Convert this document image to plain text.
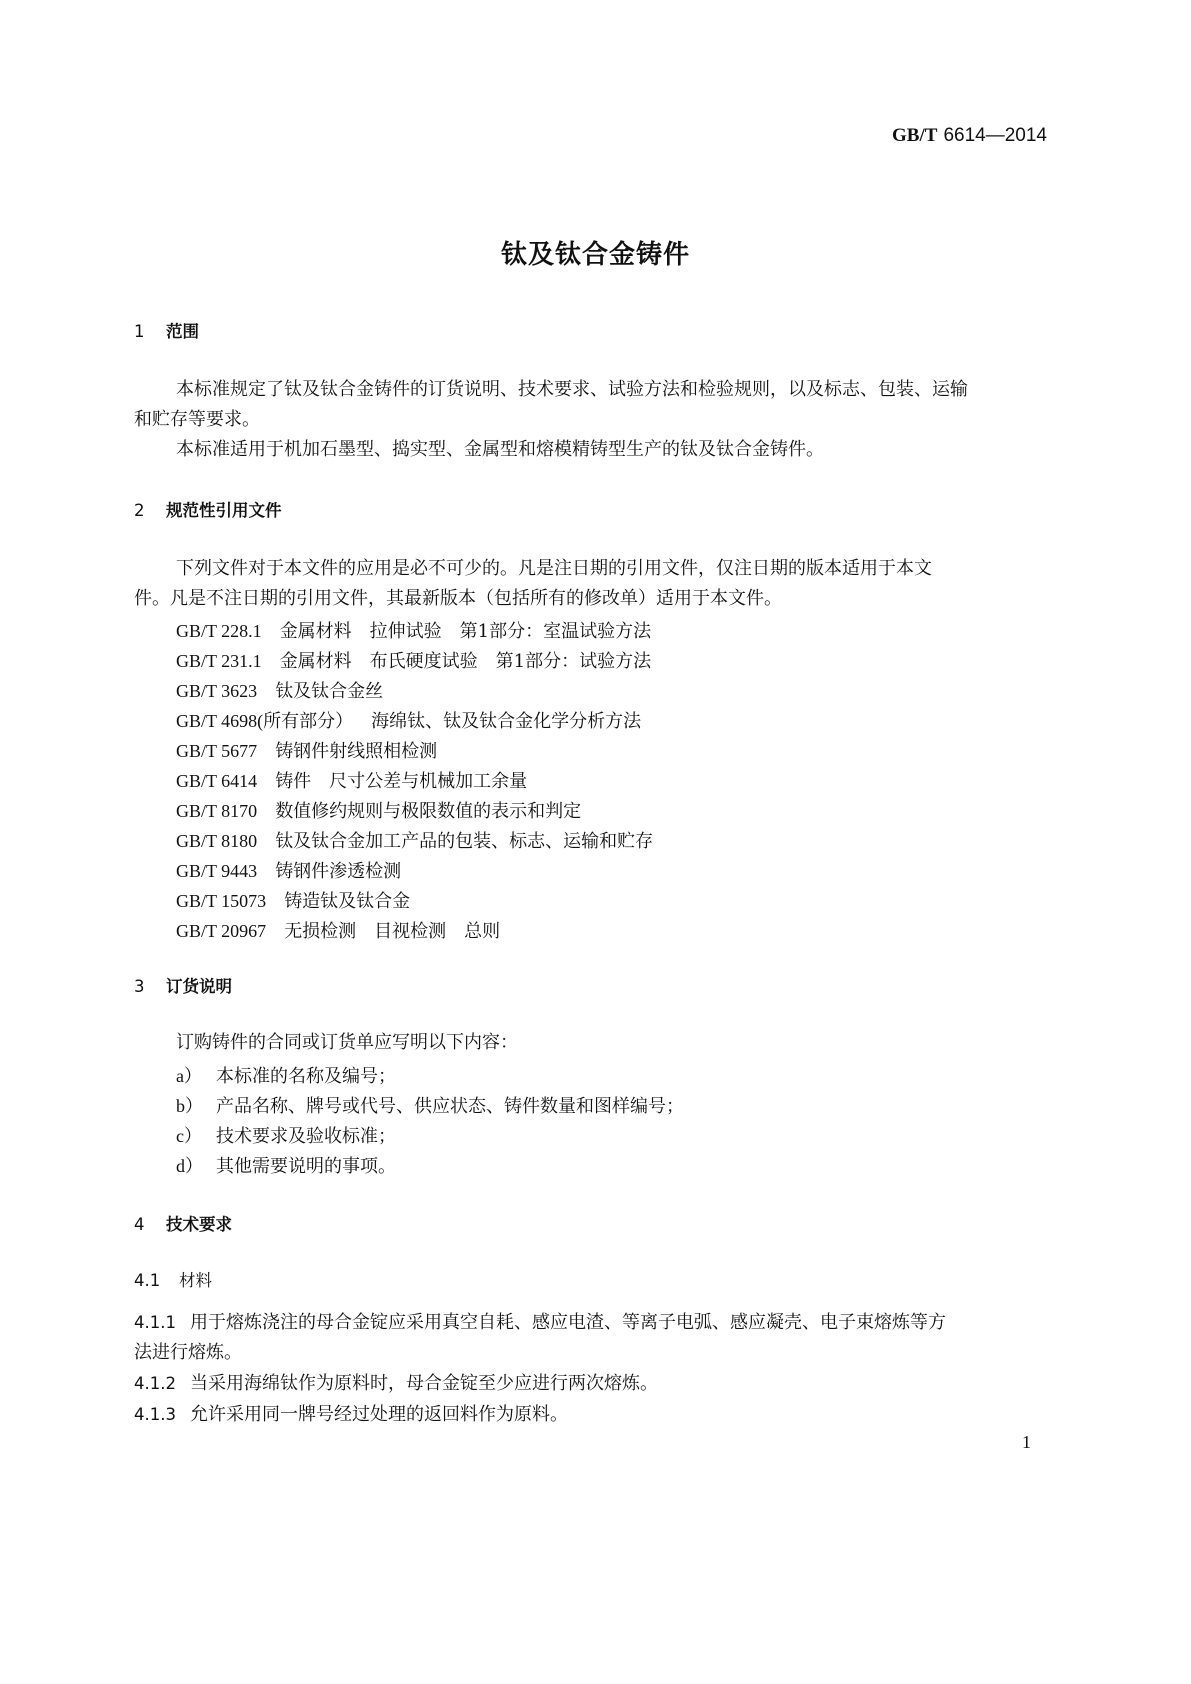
GB/T 6614—2014
钛及钛合金铸件
1 范围
本标准规定了钛及钛合金铸件的订货说明、技术要求、试验方法和检验规则，以及标志、包装、运输
和贮存等要求。
本标准适用于机加石墨型、捣实型、金属型和熔模精铸型生产的钛及钛合金铸件。
2 规范性引用文件
下列文件对于本文件的应用是必不可少的。凡是注日期的引用文件，仅注日期的版本适用于本文
件。凡是不注日期的引用文件，其最新版本（包括所有的修改单）适用于本文件。
GB/T 228.1 金属材料　拉伸试验　第1部分：室温试验方法
GB/T 231.1 金属材料　布氏硬度试验　第1部分：试验方法
GB/T 3623 钛及钛合金丝
GB/T 4698(所有部分） 海绵钛、钛及钛合金化学分析方法
GB/T 5677 铸钢件射线照相检测
GB/T 6414 铸件　尺寸公差与机械加工余量
GB/T 8170 数值修约规则与极限数值的表示和判定
GB/T 8180 钛及钛合金加工产品的包装、标志、运输和贮存
GB/T 9443 铸钢件渗透检测
GB/T 15073 铸造钛及钛合金
GB/T 20967 无损检测　目视检测　总则
3 订货说明
订购铸件的合同或订货单应写明以下内容：
a） 本标准的名称及编号；
b） 产品名称、牌号或代号、供应状态、铸件数量和图样编号；
c） 技术要求及验收标准；
d） 其他需要说明的事项。
4 技术要求
4.1 材料
4.1.1 用于熔炼浇注的母合金锭应采用真空自耗、感应电渣、等离子电弧、感应凝壳、电子束熔炼等方
法进行熔炼。
4.1.2 当采用海绵钛作为原料时，母合金锭至少应进行两次熔炼。
4.1.3 允许采用同一牌号经过处理的返回料作为原料。
1
